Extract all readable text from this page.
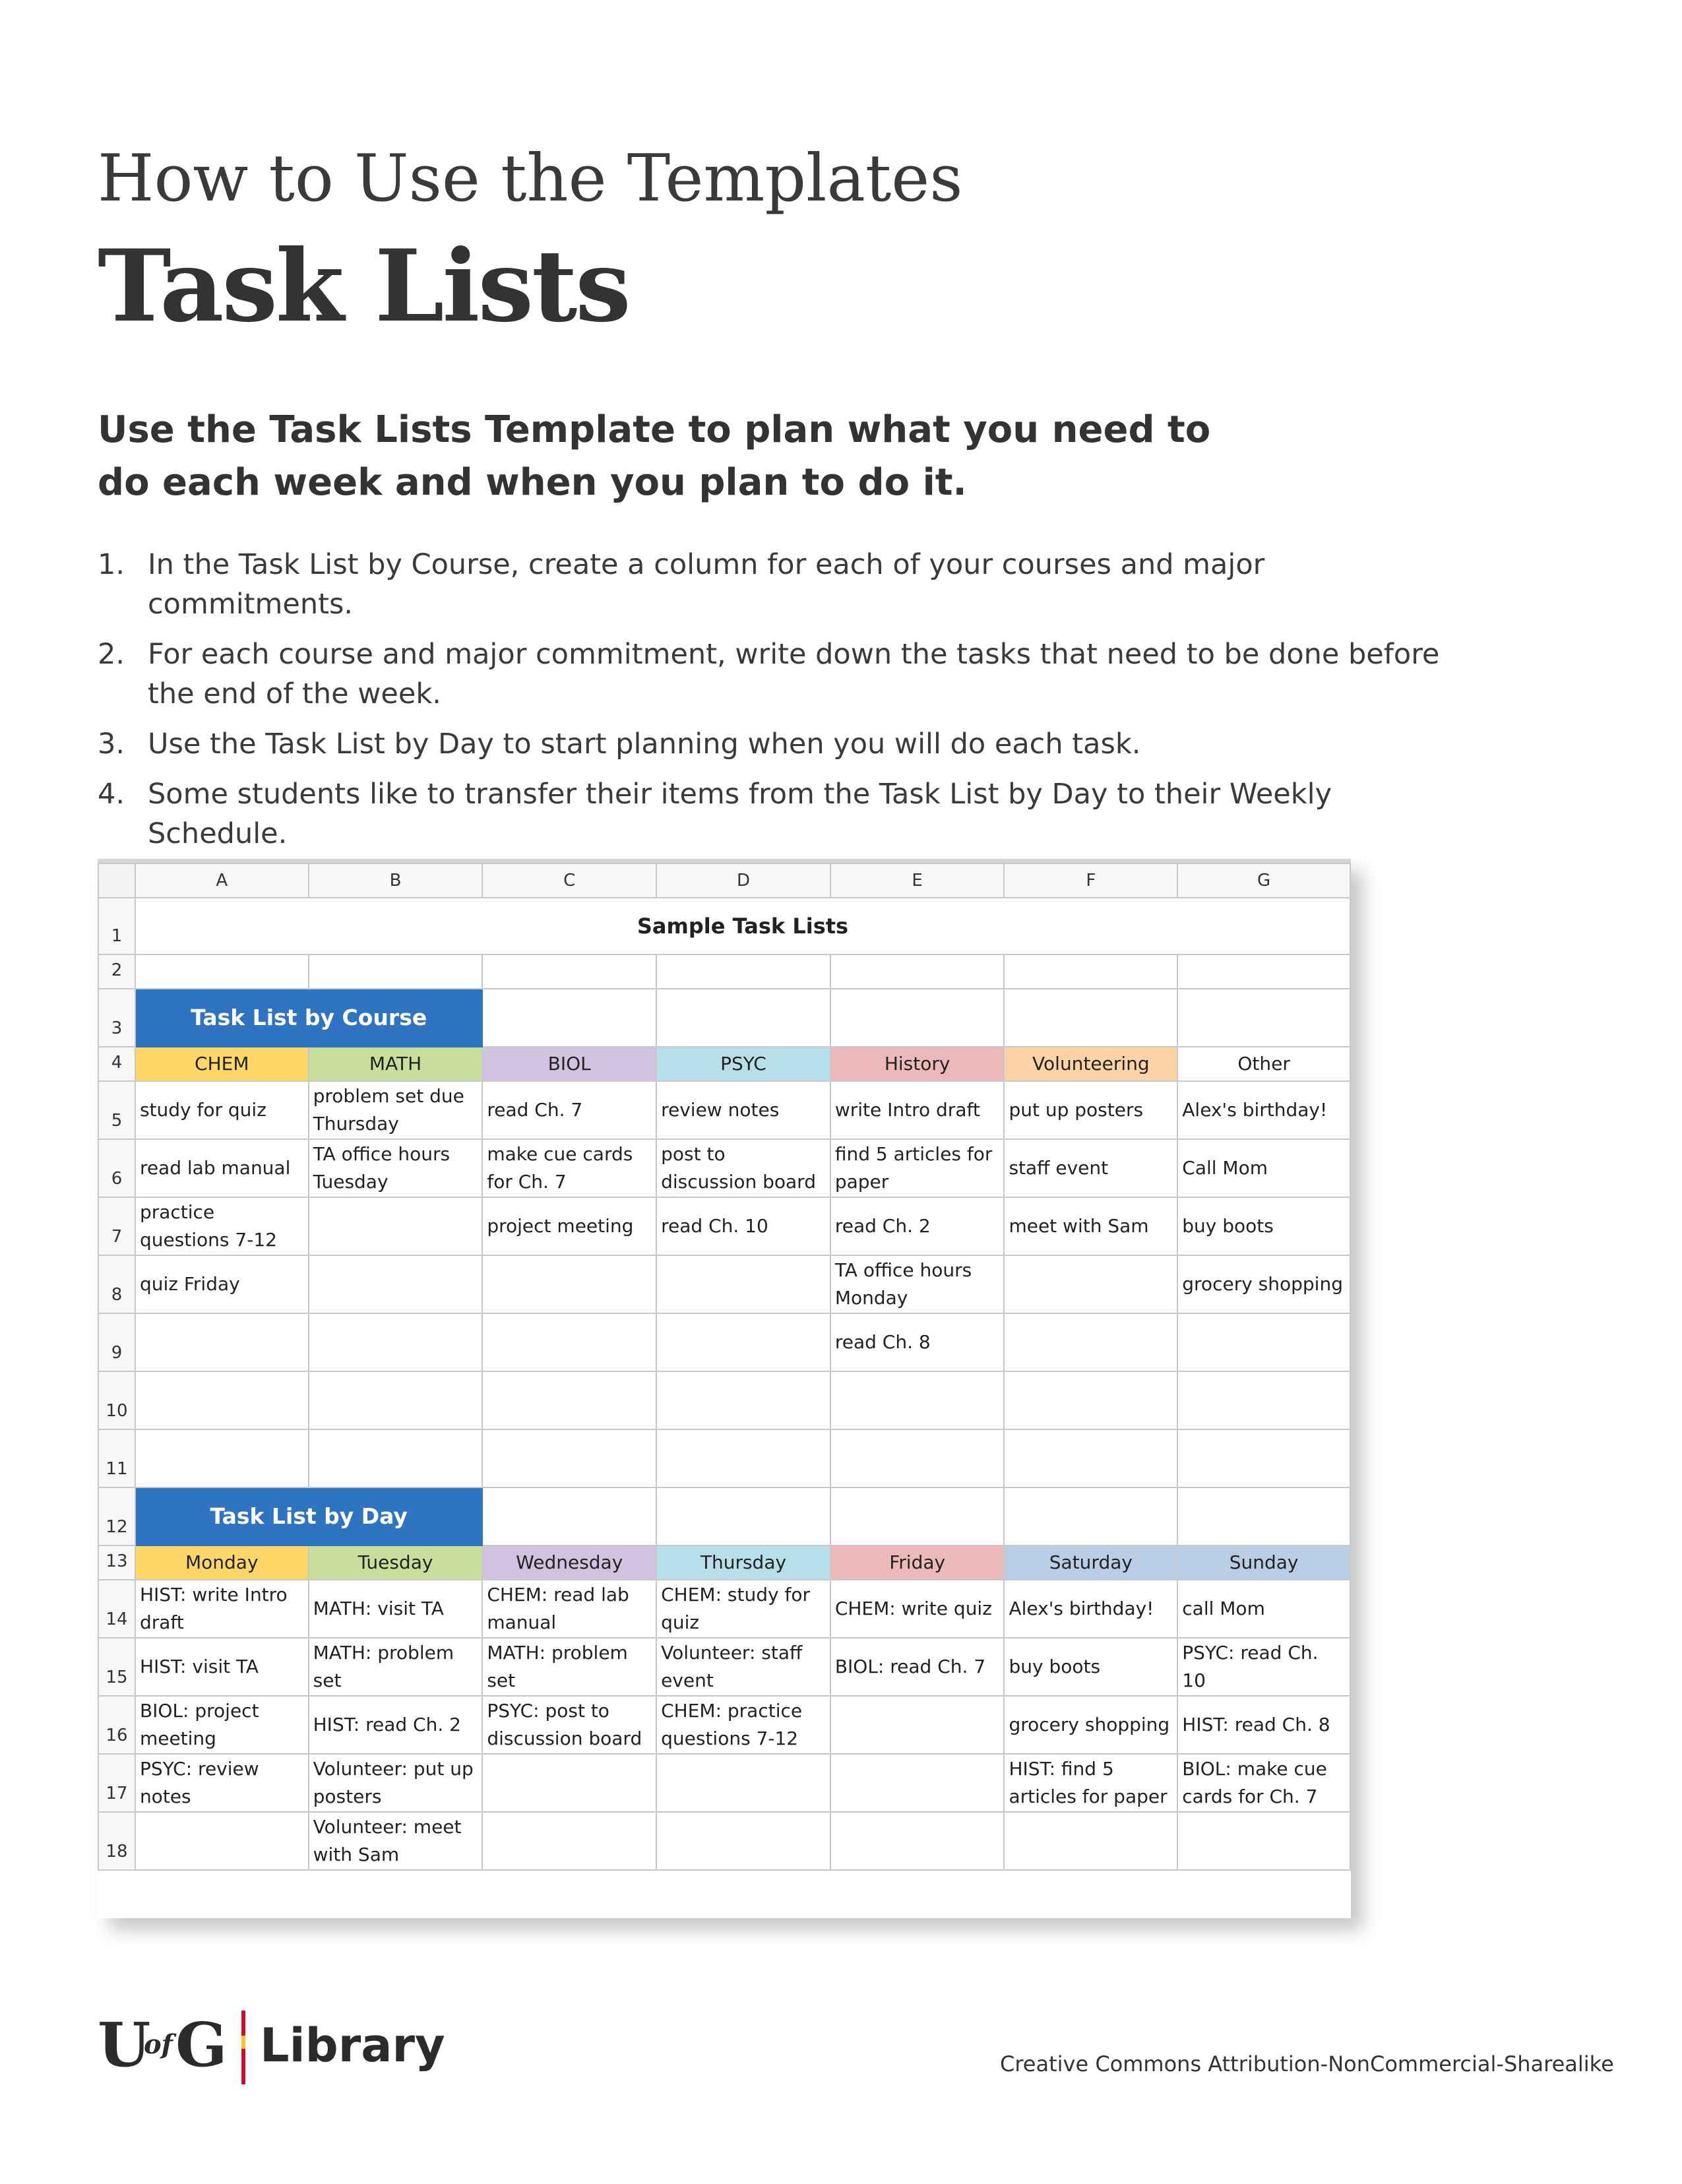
How to Use the Templates
Task Lists
Use the Task Lists Template to plan what you need to
do each week and when you plan to do it.
1. In the Task List by Course, create a column for each of your courses and major commitments.
2. For each course and major commitment, write down the tasks that need to be done before
the end of the week.
3. Use the Task List by Day to start planning when you will do each task.
4. Some students like to transfer their items from the Task List by Day to their Weekly Schedule.
	A	B	C	D	E	F	G
1	Sample Task Lists						
2							
3	Task List by Course						
4	CHEM	MATH	BIOL	PSYC	History	Volunteering	Other
5	study for quiz	problem set due Thursday	read Ch. 7	review notes	write Intro draft	put up posters	Alex's birthday!
6	read lab manual	TA office hours Tuesday	make cue cards for Ch. 7	post to discussion board	find 5 articles for paper	staff event	Call Mom
7	practice questions 7-12		project meeting	read Ch. 10	read Ch. 2	meet with Sam	buy boots
8	quiz Friday				TA office hours Monday		grocery shopping
9					read Ch. 8		
10							
11							
12	Task List by Day						
13	Monday	Tuesday	Wednesday	Thursday	Friday	Saturday	Sunday
14	HIST: write Intro draft	MATH: visit TA	CHEM: read lab manual	CHEM: study for quiz	CHEM: write quiz	Alex's birthday!	call Mom
15	HIST: visit TA	MATH: problem set	MATH: problem set	Volunteer: staff event	BIOL: read Ch. 7	buy boots	PSYC: read Ch. 10
16	BIOL: project meeting	HIST: read Ch. 2	PSYC: post to discussion board	CHEM: practice questions 7-12		grocery shopping	HIST: read Ch. 8
17	PSYC: review notes	Volunteer: put up posters				HIST: find 5 articles for paper	BIOL: make cue cards for Ch. 7
18		Volunteer: meet with Sam					
U
of G Library	Creative Commons Attribution-NonCommercial-Sharealike
